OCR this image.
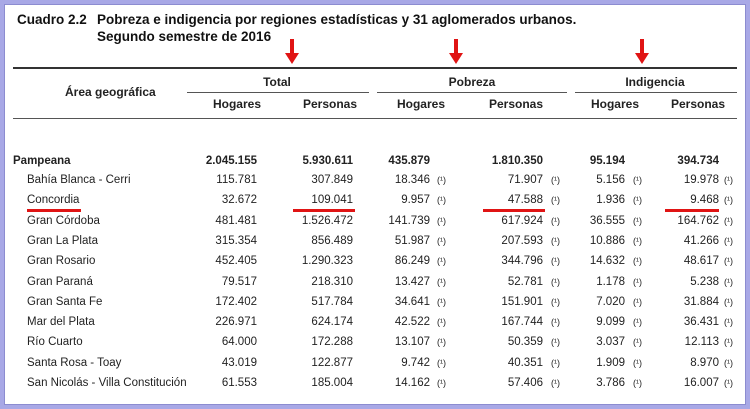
Cuadro 2.2 Pobreza e indigencia por regiones estadísticas y 31 aglomerados urbanos.
Segundo semestre de 2016
Área geográfica
Total	Pobreza	Indigencia
Hogares	Personas	Hogares	Personas	Hogares	Personas
Pampeana	2.045.155	5.930.611	435.879	1.810.350	95.194	394.734
Bahía Blanca - Cerri	115.781	307.849	18.346 (¹)	71.907 (¹)	5.156 (¹)	19.978 (¹)
Concordia	32.672	109.041	9.957 (¹)	47.588 (¹)	1.936 (¹)	9.468 (¹)
Gran Córdoba	481.481	1.526.472	141.739 (¹)	617.924 (¹)	36.555 (¹)	164.762 (¹)
Gran La Plata	315.354	856.489	51.987 (¹)	207.593 (¹)	10.886 (¹)	41.266 (¹)
Gran Rosario	452.405	1.290.323	86.249 (¹)	344.796 (¹)	14.632 (¹)	48.617 (¹)
Gran Paraná	79.517	218.310	13.427 (¹)	52.781 (¹)	1.178 (¹)	5.238 (¹)
Gran Santa Fe	172.402	517.784	34.641 (¹)	151.901 (¹)	7.020 (¹)	31.884 (¹)
Mar del Plata	226.971	624.174	42.522 (¹)	167.744 (¹)	9.099 (¹)	36.431 (¹)
Río Cuarto	64.000	172.288	13.107 (¹)	50.359 (¹)	3.037 (¹)	12.113 (¹)
Santa Rosa - Toay	43.019	122.877	9.742 (¹)	40.351 (¹)	1.909 (¹)	8.970 (¹)
San Nicolás - Villa Constitución	61.553	185.004	14.162 (¹)	57.406 (¹)	3.786 (¹)	16.007 (¹)
